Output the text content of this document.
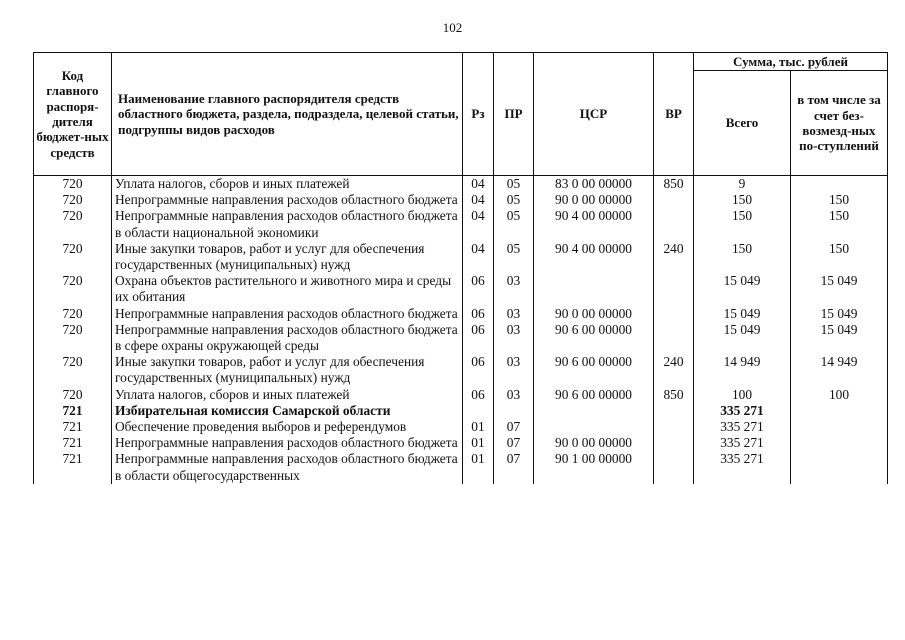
102
Код главного распоря-дителя бюджет-ных средств	Наименование главного распорядителя средств областного бюджета, раздела, подраздела, целевой статьи, подгруппы видов расходов	Рз	ПР	ЦСР	ВР	Сумма, тыс. рублей	
						Всего	в том числе за счет без-возмезд-ных по-ступлений
720	Уплата налогов, сборов и иных платежей	04	05	83 0 00 00000	850	9	
720	Непрограммные направления расходов областного бюджета	04	05	90 0 00 00000		150	150
720	Непрограммные направления расходов областного бюджета в области национальной экономики	04	05	90 4 00 00000		150	150
720	Иные закупки товаров, работ и услуг для обеспечения государственных (муниципальных) нужд	04	05	90 4 00 00000	240	150	150
720	Охрана объектов растительного и животного мира и среды их обитания	06	03			15 049	15 049
720	Непрограммные направления расходов областного бюджета	06	03	90 0 00 00000		15 049	15 049
720	Непрограммные направления расходов областного бюджета в сфере охраны окружающей среды	06	03	90 6 00 00000		15 049	15 049
720	Иные закупки товаров, работ и услуг для обеспечения государственных (муниципальных) нужд	06	03	90 6 00 00000	240	14 949	14 949
720	Уплата налогов, сборов и иных платежей	06	03	90 6 00 00000	850	100	100
721	Избирательная комиссия Самарской области					335 271	
721	Обеспечение проведения выборов и референдумов	01	07			335 271	
721	Непрограммные направления расходов областного бюджета	01	07	90 0 00 00000		335 271	
721	Непрограммные направления расходов областного бюджета в области общегосударственных	01	07	90 1 00 00000		335 271	
